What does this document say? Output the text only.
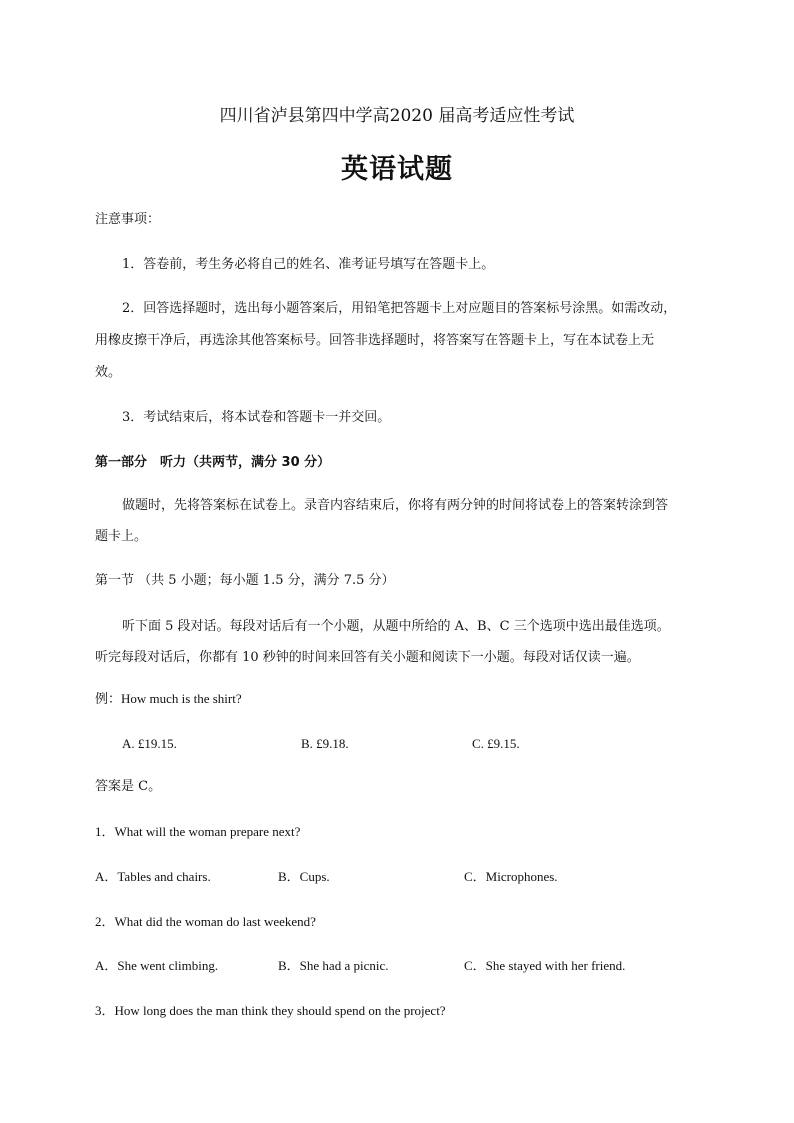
四川省泸县第四中学高2020 届高考适应性考试
英语试题
注意事项：
1．答卷前，考生务必将自己的姓名、准考证号填写在答题卡上。
2．回答选择题时，选出每小题答案后，用铅笔把答题卡上对应题目的答案标号涂黑。如需改动，
用橡皮擦干净后，再选涂其他答案标号。回答非选择题时，将答案写在答题卡上，写在本试卷上无
效。
3．考试结束后，将本试卷和答题卡一并交回。
第一部分　听力（共两节，满分 30 分）
做题时，先将答案标在试卷上。录音内容结束后，你将有两分钟的时间将试卷上的答案转涂到答
题卡上。
第一节 （共 5 小题；每小题 1.5 分，满分 7.5 分）
听下面 5 段对话。每段对话后有一个小题，从题中所给的 A、B、C 三个选项中选出最佳选项。
听完每段对话后，你都有 10 秒钟的时间来回答有关小题和阅读下一小题。每段对话仅读一遍。
例：How much is the shirt?
A. £19.15.	B. £9.18.	C. £9.15.
答案是 C。
1．What will the woman prepare next?
A．Tables and chairs.	B．Cups.	C．Microphones.
2．What did the woman do last weekend?
A．She went climbing.	B．She had a picnic.	C．She stayed with her friend.
3．How long does the man think they should spend on the project?
